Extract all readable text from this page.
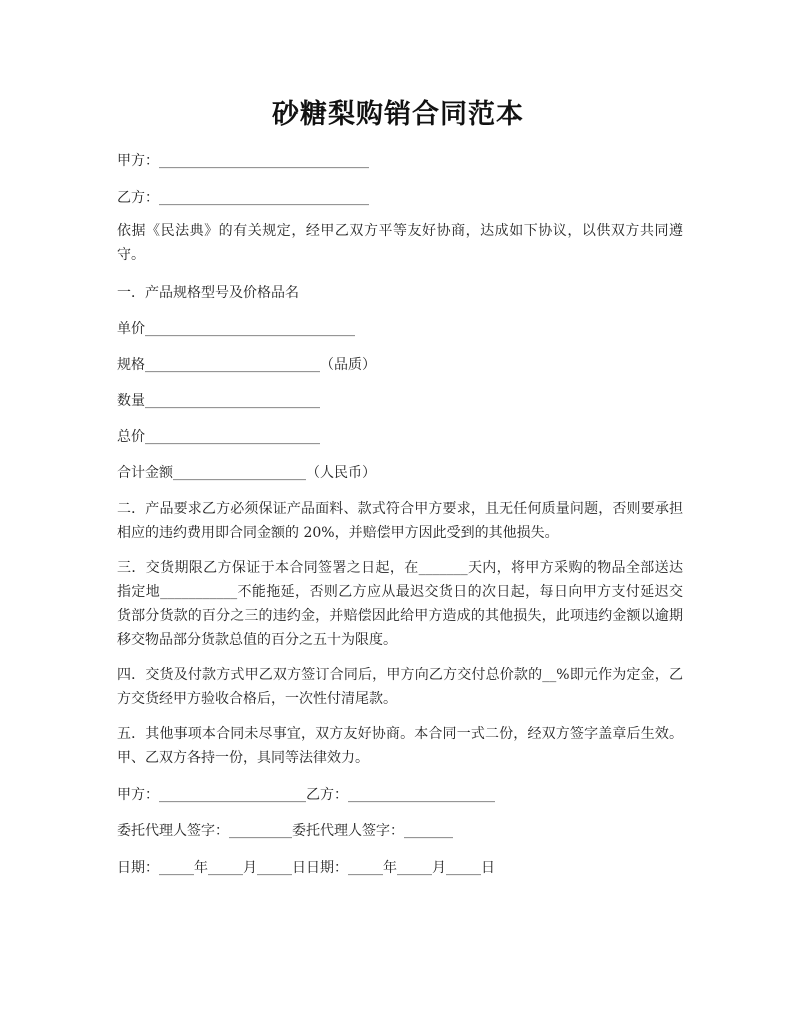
砂糖梨购销合同范本
甲方：______________________________
乙方：______________________________
依据《民法典》的有关规定，经甲乙双方平等友好协商，达成如下协议，以供双方共同遵守。
一．产品规格型号及价格品名
单价______________________________
规格_________________________（品质）
数量_________________________
总价_________________________
合计金额___________________（人民币）
二．产品要求乙方必须保证产品面料、款式符合甲方要求，且无任何质量问题，否则要承担相应的违约费用即合同金额的 20%，并赔偿甲方因此受到的其他损失。
三．交货期限乙方保证于本合同签署之日起，在_______天内，将甲方采购的物品全部送达指定地___________不能拖延，否则乙方应从最迟交货日的次日起，每日向甲方支付延迟交货部分货款的百分之三的违约金，并赔偿因此给甲方造成的其他损失，此项违约金额以逾期移交物品部分货款总值的百分之五十为限度。
四．交货及付款方式甲乙双方签订合同后，甲方向乙方交付总价款的__%即元作为定金，乙方交货经甲方验收合格后，一次性付清尾款。
五．其他事项本合同未尽事宜，双方友好协商。本合同一式二份，经双方签字盖章后生效。甲、乙双方各持一份，具同等法律效力。
甲方：_____________________乙方：_____________________
委托代理人签字：_________委托代理人签字：_______
日期：_____年_____月_____日日期：_____年_____月_____日
